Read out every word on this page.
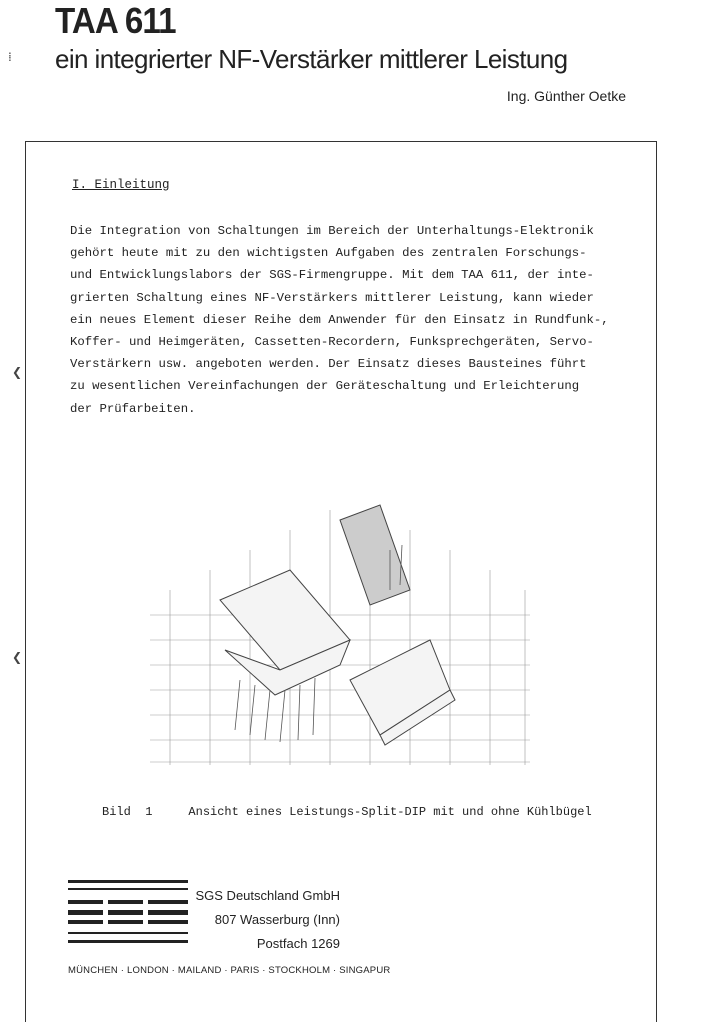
TAA 611
ein integrierter NF-Verstärker mittlerer Leistung
Ing. Günther Oetke
⁞
❮
❮
I. Einleitung
Die Integration von Schaltungen im Bereich der Unterhaltungs-Elektronik
gehört heute mit zu den wichtigsten Aufgaben des zentralen Forschungs-
und Entwicklungslabors der SGS-Firmengruppe. Mit dem TAA 611, der inte-
grierten Schaltung eines NF-Verstärkers mittlerer Leistung, kann wieder
ein neues Element dieser Reihe dem Anwender für den Einsatz in Rundfunk-,
Koffer- und Heimgeräten, Cassetten-Recordern, Funksprechgeräten, Servo-
Verstärkern usw. angeboten werden. Der Einsatz dieses Bausteines führt
zu wesentlichen Vereinfachungen der Geräteschaltung und Erleichterung
der Prüfarbeiten.
Bild  1     Ansicht eines Leistungs-Split-DIP mit und ohne Kühlbügel
SGS Deutschland GmbH
807 Wasserburg (Inn)
Postfach 1269
MÜNCHEN · LONDON · MAILAND · PARIS · STOCKHOLM · SINGAPUR
